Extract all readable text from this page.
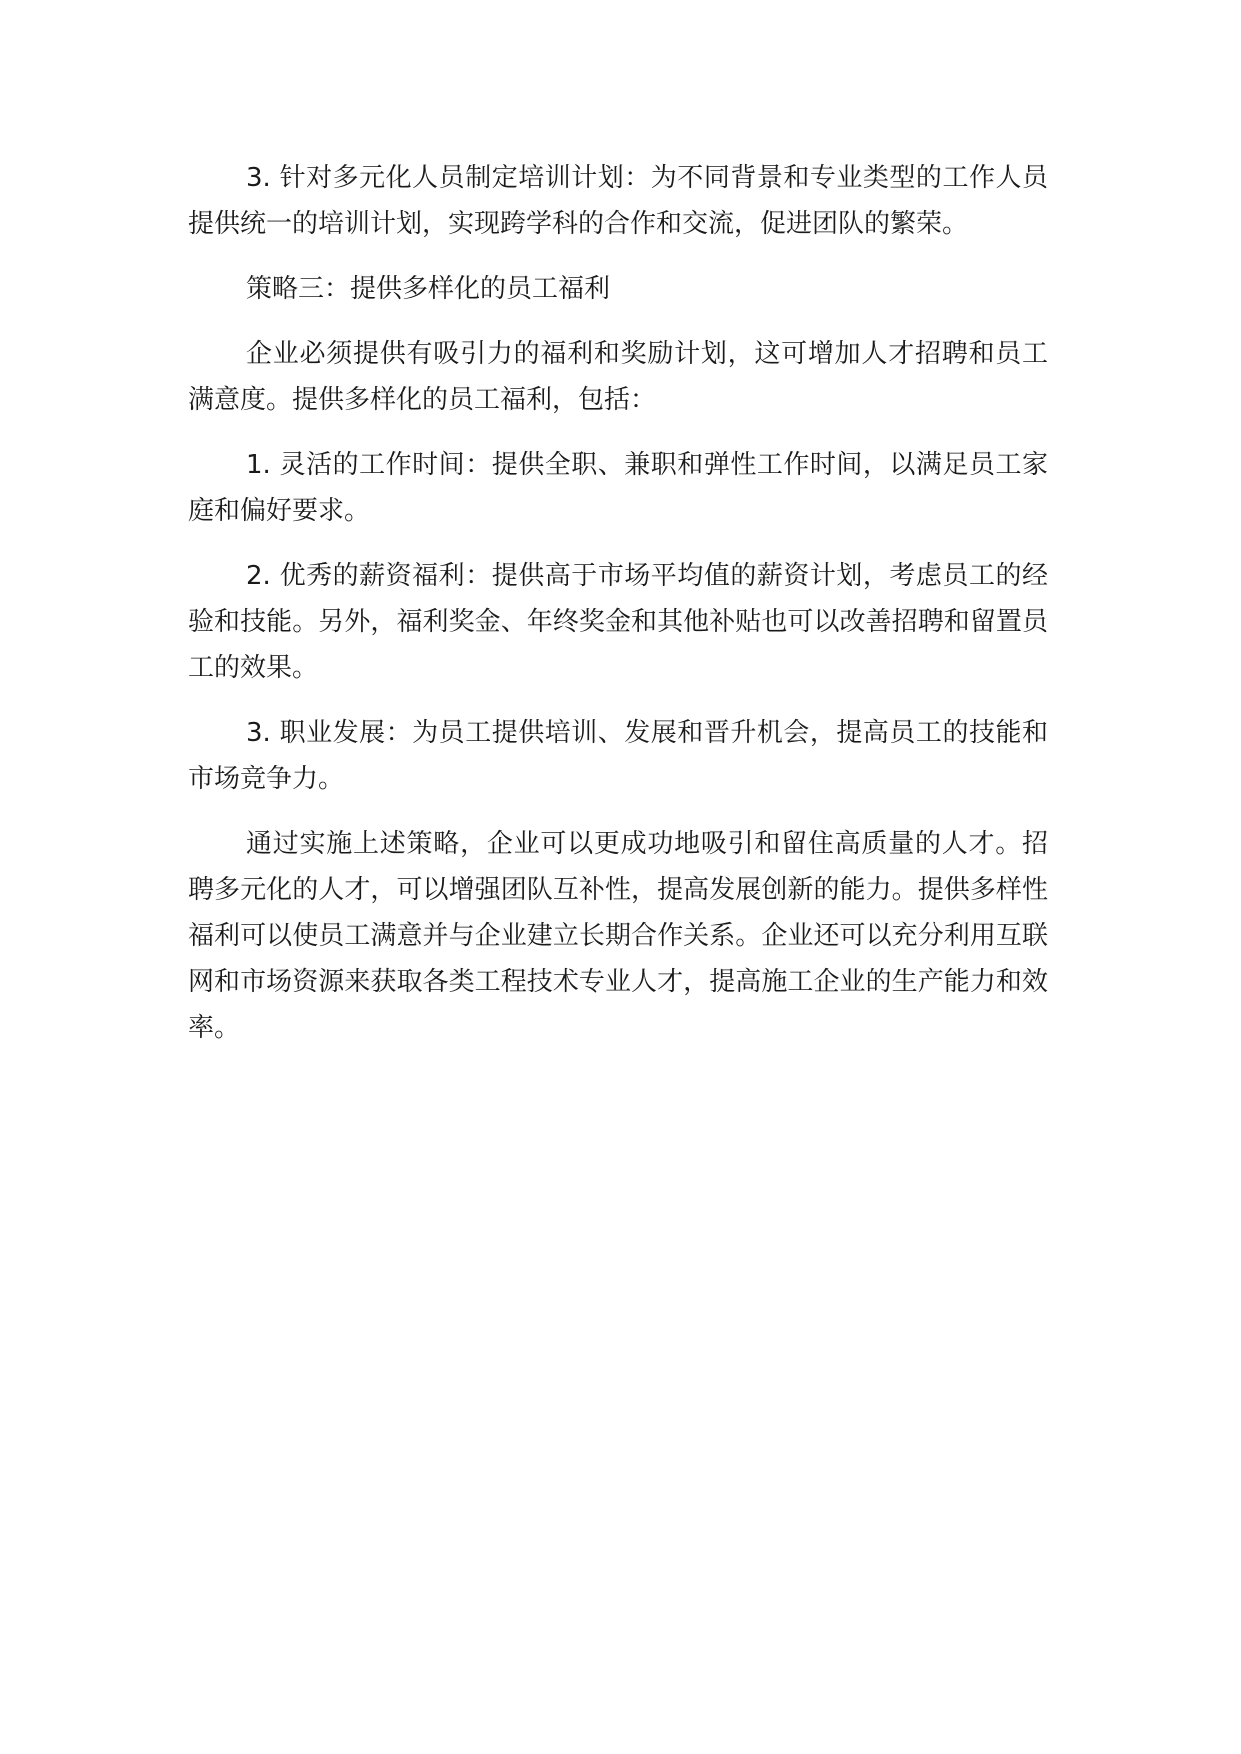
3. 针对多元化人员制定培训计划：为不同背景和专业类型的工作人员提供统一的培训计划，实现跨学科的合作和交流，促进团队的繁荣。

策略三：提供多样化的员工福利

企业必须提供有吸引力的福利和奖励计划，这可增加人才招聘和员工满意度。提供多样化的员工福利，包括：

1. 灵活的工作时间：提供全职、兼职和弹性工作时间，以满足员工家庭和偏好要求。

2. 优秀的薪资福利：提供高于市场平均值的薪资计划，考虑员工的经验和技能。另外，福利奖金、年终奖金和其他补贴也可以改善招聘和留置员工的效果。

3. 职业发展：为员工提供培训、发展和晋升机会，提高员工的技能和市场竞争力。

通过实施上述策略，企业可以更成功地吸引和留住高质量的人才。招聘多元化的人才，可以增强团队互补性，提高发展创新的能力。提供多样性福利可以使员工满意并与企业建立长期合作关系。企业还可以充分利用互联网和市场资源来获取各类工程技术专业人才，提高施工企业的生产能力和效率。
